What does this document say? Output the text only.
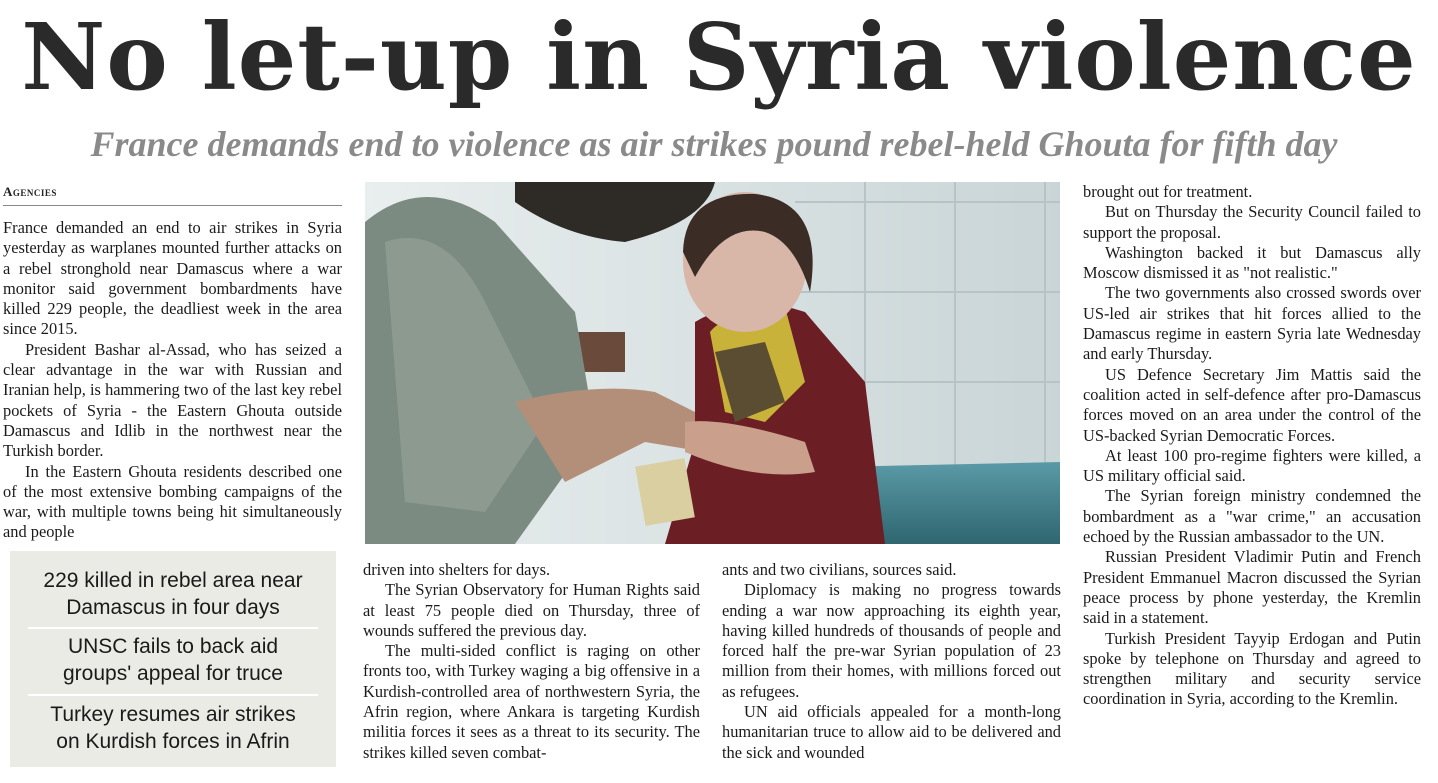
No let-up in Syria violence
France demands end to violence as air strikes pound rebel-held Ghouta for fifth day
Agencies

France demanded an end to air strikes in Syria yesterday as warplanes mounted further attacks on a rebel stronghold near Damascus where a war monitor said government bombardments have killed 229 people, the deadliest week in the area since 2015.

President Bashar al-Assad, who has seized a clear advantage in the war with Russian and Iranian help, is hammering two of the last key rebel pockets of Syria - the Eastern Ghouta outside Damascus and Idlib in the northwest near the Turkish border.

In the Eastern Ghouta residents described one of the most extensive bombing campaigns of the war, with multiple towns being hit simultaneously and people

229 killed in rebel area near Damascus in four days
UNSC fails to back aid groups' appeal for truce
Turkey resumes air strikes on Kurdish forces in Afrin

driven into shelters for days.

The Syrian Observatory for Human Rights said at least 75 people died on Thursday, three of wounds suffered the previous day.

The multi-sided conflict is raging on other fronts too, with Turkey waging a big offensive in a Kurdish-controlled area of northwestern Syria, the Afrin region, where Ankara is targeting Kurdish militia forces it sees as a threat to its security. The strikes killed seven combat-

ants and two civilians, sources said.

Diplomacy is making no progress towards ending a war now approaching its eighth year, having killed hundreds of thousands of people and forced half the pre-war Syrian population of 23 million from their homes, with millions forced out as refugees.

UN aid officials appealed for a month-long humanitarian truce to allow aid to be delivered and the sick and wounded

brought out for treatment.

But on Thursday the Security Council failed to support the proposal.

Washington backed it but Damascus ally Moscow dismissed it as "not realistic."

The two governments also crossed swords over US-led air strikes that hit forces allied to the Damascus regime in eastern Syria late Wednesday and early Thursday.

US Defence Secretary Jim Mattis said the coalition acted in self-defence after pro-Damascus forces moved on an area under the control of the US-backed Syrian Democratic Forces.

At least 100 pro-regime fighters were killed, a US military official said.

The Syrian foreign ministry condemned the bombardment as a "war crime," an accusation echoed by the Russian ambassador to the UN.

Russian President Vladimir Putin and French President Emmanuel Macron discussed the Syrian peace process by phone yesterday, the Kremlin said in a statement.

Turkish President Tayyip Erdogan and Putin spoke by telephone on Thursday and agreed to strengthen military and security service coordination in Syria, according to the Kremlin.
